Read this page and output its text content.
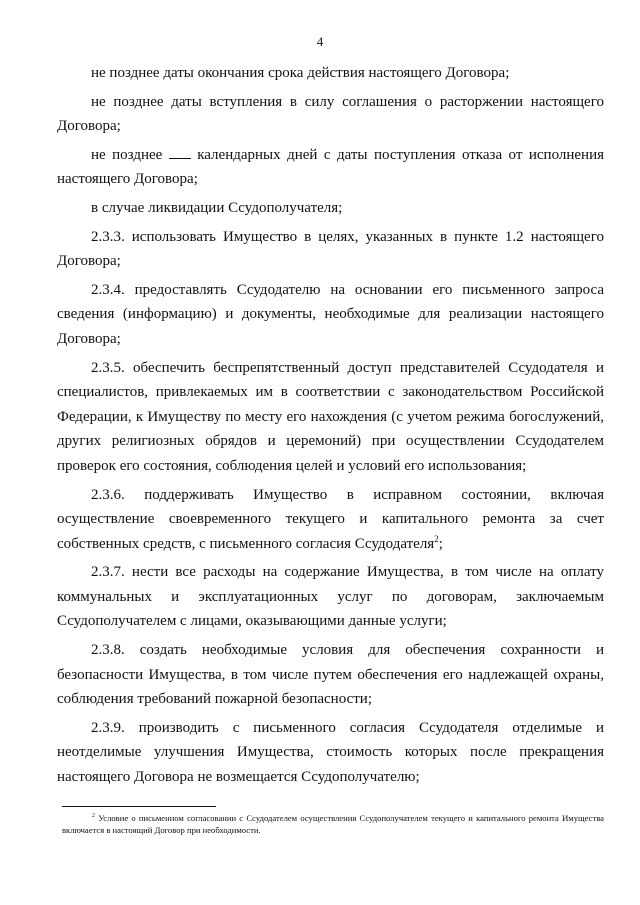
4

не позднее даты окончания срока действия настоящего Договора;

не позднее даты вступления в силу соглашения о расторжении настоящего Договора;

не позднее календарных дней с даты поступления отказа от исполнения настоящего Договора;

в случае ликвидации Ссудополучателя;

2.3.3. использовать Имущество в целях, указанных в пункте 1.2 настоящего Договора;

2.3.4. предоставлять Ссудодателю на основании его письменного запроса сведения (информацию) и документы, необходимые для реализации настоящего Договора;

2.3.5. обеспечить беспрепятственный доступ представителей Ссудодателя и специалистов, привлекаемых им в соответствии с законодательством Российской Федерации, к Имуществу по месту его нахождения (с учетом режима богослужений, других религиозных обрядов и церемоний) при осуществлении Ссудодателем проверок его состояния, соблюдения целей и условий его использования;

2.3.6. поддерживать Имущество в исправном состоянии, включая осуществление своевременного текущего и капитального ремонта за счет собственных средств, с письменного согласия Ссудодателя$^2$;

2.3.7. нести все расходы на содержание Имущества, в том числе на оплату коммунальных и эксплуатационных услуг по договорам, заключаемым Ссудополучателем с лицами, оказывающими данные услуги;

2.3.8. создать необходимые условия для обеспечения сохранности и безопасности Имущества, в том числе путем обеспечения его надлежащей охраны, соблюдения требований пожарной безопасности;

2.3.9. производить с письменного согласия Ссудодателя отделимые и неотделимые улучшения Имущества, стоимость которых после прекращения настоящего Договора не возмещается Ссудополучателю;

$^2$ Условие о письменном согласовании с Ссудодателем осуществления Ссудополучателем текущего и капитального ремонта Имущества включается в настоящий Договор при необходимости.
